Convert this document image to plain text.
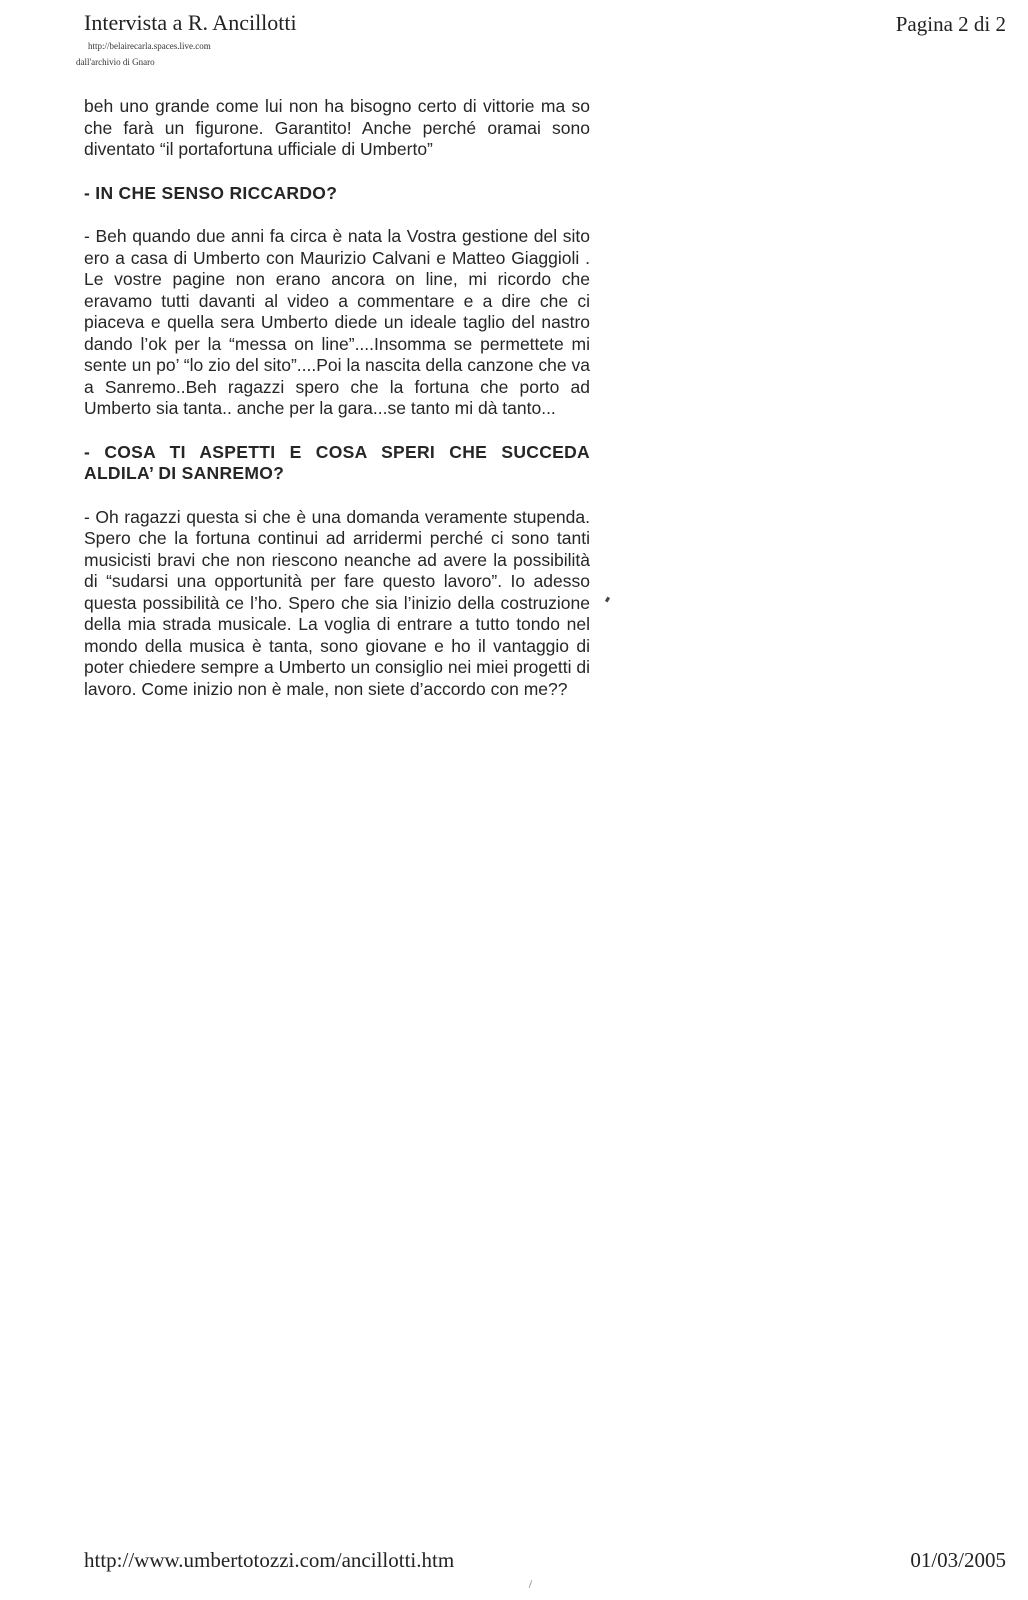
Intervista a R. Ancillotti
http://belairecarla.spaces.live.com
dall'archivio di Gnaro
Pagina 2 di 2

beh uno grande come lui non ha bisogno certo di vittorie ma so che farà un figurone. Garantito! Anche perché oramai sono diventato “il portafortuna ufficiale di Umberto”

- IN CHE SENSO RICCARDO?

- Beh quando due anni fa circa è nata la Vostra gestione del sito ero a casa di Umberto con Maurizio Calvani e Matteo Giaggioli . Le vostre pagine non erano ancora on line, mi ricordo che eravamo tutti davanti al video a commentare e a dire che ci piaceva e quella sera Umberto diede un ideale taglio del nastro dando l’ok per la “messa on line”....Insomma se permettete mi sente un po’ “lo zio del sito”....Poi la nascita della canzone che va a Sanremo..Beh ragazzi spero che la fortuna che porto ad Umberto sia tanta.. anche per la gara...se tanto mi dà tanto...

- COSA TI ASPETTI E COSA SPERI CHE SUCCEDA ALDILA’ DI SANREMO?

- Oh ragazzi questa si che è una domanda veramente stupenda. Spero che la fortuna continui ad arridermi perché ci sono tanti musicisti bravi che non riescono neanche ad avere la possibilità di “sudarsi una opportunità per fare questo lavoro”. Io adesso questa possibilità ce l’ho. Spero che sia l’inizio della costruzione della mia strada musicale. La voglia di entrare a tutto tondo nel mondo della musica è tanta, sono giovane e ho il vantaggio di poter chiedere sempre a Umberto un consiglio nei miei progetti di lavoro. Come inizio non è male, non siete d’accordo con me??

http://www.umbertotozzi.com/ancillotti.htm	01/03/2005
